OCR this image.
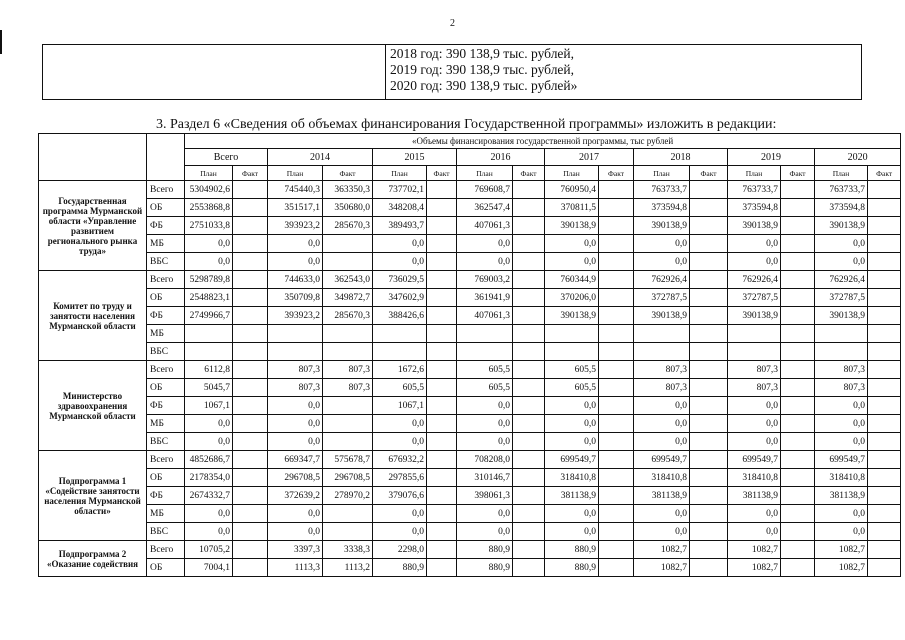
2
2018 год: 390 138,9 тыс. рублей,
2019 год: 390 138,9 тыс. рублей,
2020 год: 390 138,9 тыс. рублей»
3. Раздел 6 «Сведения об объемах финансирования Государственной программы» изложить в редакции:
		«Объемы финансирования государственной программы, тыс рублей															
		Всего		2014		2015		2016		2017		2018		2019		2020	
		План	Факт	План	Факт	План	Факт	План	Факт	План	Факт	План	Факт	План	Факт	План	Факт
Государственная программа Мурманской области «Управление развитием регионального рынка труда»	Всего	5304902,6		745440,3	363350,3	737702,1		769608,7		760950,4		763733,7		763733,7		763733,7	
	ОБ	2553868,8		351517,1	350680,0	348208,4		362547,4		370811,5		373594,8		373594,8		373594,8	
	ФБ	2751033,8		393923,2	285670,3	389493,7		407061,3		390138,9		390138,9		390138,9		390138,9	
	МБ	0,0		0,0		0,0		0,0		0,0		0,0		0,0		0,0	
	ВБС	0,0		0,0		0,0		0,0		0,0		0,0		0,0		0,0	
Комитет по труду и занятости населения Мурманской области	Всего	5298789,8		744633,0	362543,0	736029,5		769003,2		760344,9		762926,4		762926,4		762926,4	
	ОБ	2548823,1		350709,8	349872,7	347602,9		361941,9		370206,0		372787,5		372787,5		372787,5	
	ФБ	2749966,7		393923,2	285670,3	388426,6		407061,3		390138,9		390138,9		390138,9		390138,9	
	МБ																
	ВБС																
Министерство здравоохранения Мурманской области	Всего	6112,8		807,3	807,3	1672,6		605,5		605,5		807,3		807,3		807,3	
	ОБ	5045,7		807,3	807,3	605,5		605,5		605,5		807,3		807,3		807,3	
	ФБ	1067,1		0,0		1067,1		0,0		0,0		0,0		0,0		0,0	
	МБ	0,0		0,0		0,0		0,0		0,0		0,0		0,0		0,0	
	ВБС	0,0		0,0		0,0		0,0		0,0		0,0		0,0		0,0	
Подпрограмма 1 «Содействие занятости населения Мурманской области»	Всего	4852686,7		669347,7	575678,7	676932,2		708208,0		699549,7		699549,7		699549,7		699549,7	
	ОБ	2178354,0		296708,5	296708,5	297855,6		310146,7		318410,8		318410,8		318410,8		318410,8	
	ФБ	2674332,7		372639,2	278970,2	379076,6		398061,3		381138,9		381138,9		381138,9		381138,9	
	МБ	0,0		0,0		0,0		0,0		0,0		0,0		0,0		0,0	
	ВБС	0,0		0,0		0,0		0,0		0,0		0,0		0,0		0,0	
Подпрограмма 2 «Оказание содействия	Всего	10705,2		3397,3	3338,3	2298,0		880,9		880,9		1082,7		1082,7		1082,7	
	ОБ	7004,1		1113,3	1113,2	880,9		880,9		880,9		1082,7		1082,7		1082,7	
